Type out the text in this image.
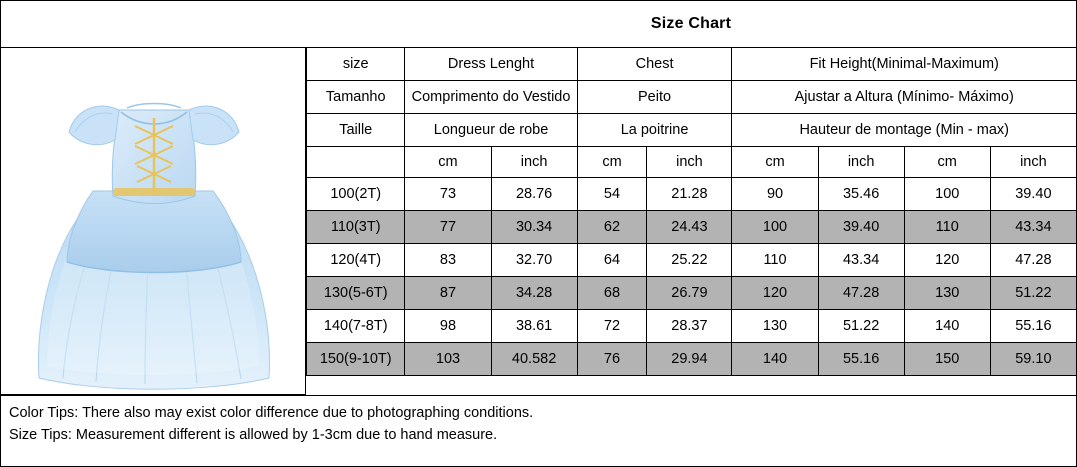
Size Chart
size	Dress Lenght		Chest		Fit Height(Minimal-Maximum)			
Tamanho	Comprimento do Vestido		Peito		Ajustar a Altura (Mínimo- Máximo)			
Taille	Longueur de robe		La poitrine		Hauteur de montage (Min - max)			
	cm	inch	cm	inch	cm	inch	cm	inch
100(2T)	73	28.76	54	21.28	90	35.46	100	39.40
110(3T)	77	30.34	62	24.43	100	39.40	110	43.34
120(4T)	83	32.70	64	25.22	110	43.34	120	47.28
130(5-6T)	87	34.28	68	26.79	120	47.28	130	51.22
140(7-8T)	98	38.61	72	28.37	130	51.22	140	55.16
150(9-10T)	103	40.582	76	29.94	140	55.16	150	59.10
Color Tips: There also may exist color difference due to photographing conditions.
Size Tips: Measurement different is allowed by 1-3cm due to hand measure.
